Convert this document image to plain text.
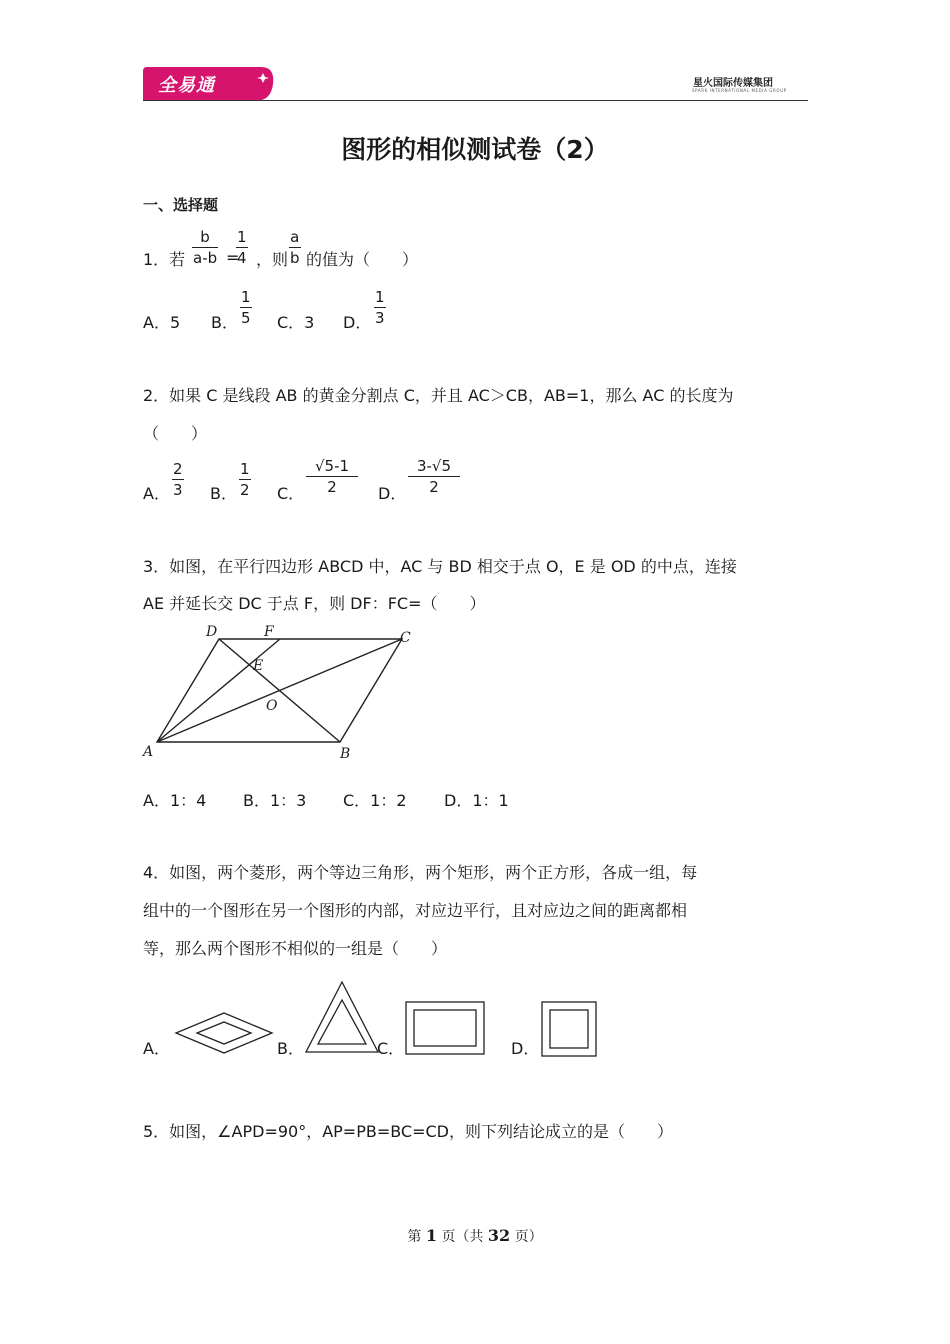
全易通	星火国际传媒集团
SPARK INTERNATIONAL MEDIA GROUP
图形的相似测试卷（2）
一、选择题
1．若
b
a-b =
1
4 ，则
a
b 的值为（　　）
A．5 B．
1
5 C．3 D．
1
3
2．如果 C 是线段 AB 的黄金分割点 C，并且 AC＞CB，AB=1，那么 AC 的长度为
（　　）
A．
2
3 B．
1
2 C．
√5-1
2	D．
3-√5
2
3．如图，在平行四边形 ABCD 中，AC 与 BD 相交于点 O，E 是 OD 的中点，连接
AE 并延长交 DC 于点 F，则 DF：FC=（　　）
D	F	C
E
O
A	B
A．1：4 B．1：3 C．1：2 D．1：1
4．如图，两个菱形，两个等边三角形，两个矩形，两个正方形，各成一组，每
组中的一个图形在另一个图形的内部，对应边平行，且对应边之间的距离都相
等，那么两个图形不相似的一组是（　　）
A．	B．	C．	D．
5．如图，∠APD=90°，AP=PB=BC=CD，则下列结论成立的是（　　）
第 1 页（共 32 页）
